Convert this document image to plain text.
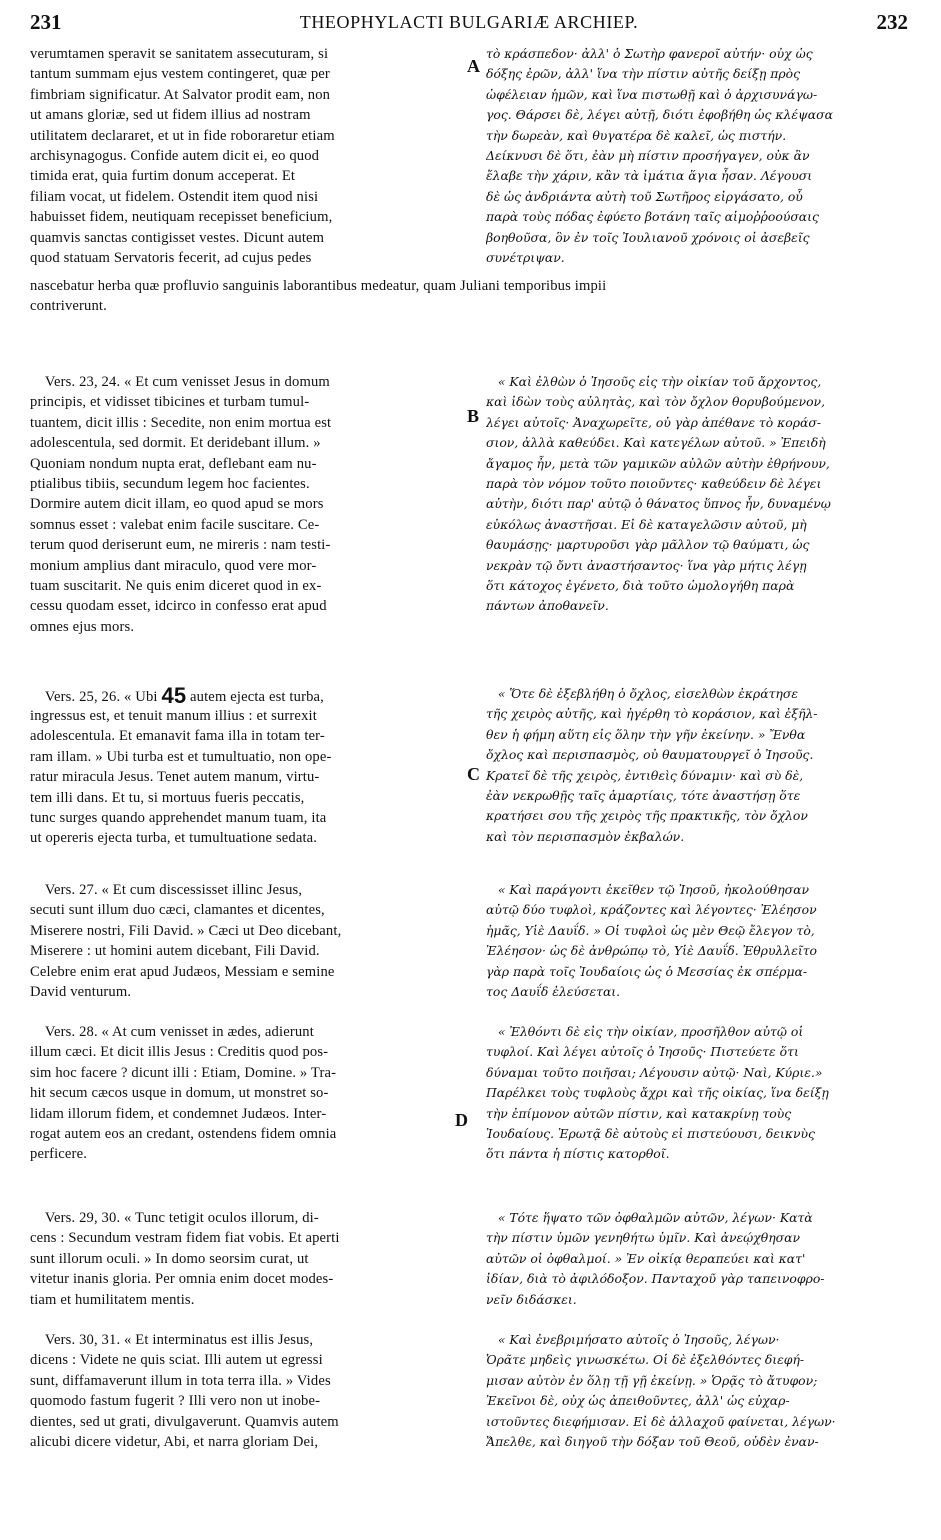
231	THEOPHYLACTI BULGARIÆ ARCHIEP.	232
verumtamen speravit se sanitatem assecuturam, si
tantum summam ejus vestem contingeret, quæ per
fimbriam significatur. At Salvator prodit eam, non
ut amans gloriæ, sed ut fidem illius ad nostram
utilitatem declararet, et ut in fide roboraretur etiam
archisynagogus. Confide autem dicit ei, eo quod
timida erat, quia furtim donum acceperat. Et
filiam vocat, ut fidelem. Ostendit item quod nisi
habuisset fidem, neutiquam recepisset beneficium,
quamvis sanctas contigisset vestes. Dicunt autem
quod statuam Servatoris fecerit, ad cujus pedes
A
τὸ κράσπεδον· ἀλλ' ὁ Σωτὴρ φανεροῖ αὐτήν· οὐχ ὡς
δόξης ἐρῶν, ἀλλ' ἵνα τὴν πίστιν αὐτῆς δείξῃ πρὸς
ὠφέλειαν ἡμῶν, καὶ ἵνα πιστωθῇ καὶ ὁ ἀρχισυνάγω-
γος. Θάρσει δὲ, λέγει αὐτῇ, διότι ἐφοβήθη ὡς κλέψασα
τὴν δωρεὰν, καὶ θυγατέρα δὲ καλεῖ, ὡς πιστήν.
Δείκνυσι δὲ ὅτι, ἐὰν μὴ πίστιν προσήγαγεν, οὐκ ἂν
ἔλαβε τὴν χάριν, κἂν τὰ ἱμάτια ἅγια ἦσαν. Λέγουσι
δὲ ὡς ἀνδριάντα αὐτὴ τοῦ Σωτῆρος εἰργάσατο, οὗ
παρὰ τοὺς πόδας ἐφύετο βοτάνη ταῖς αἱμοῤῥοούσαις
βοηθοῦσα, ὃν ἐν τοῖς Ἰουλιανοῦ χρόνοις οἱ ἀσεβεῖς
συνέτριψαν.
nascebatur herba quæ profluvio sanguinis laborantibus medeatur, quam Juliani temporibus impii
contriverunt.
Vers. 23, 24. « Et cum venisset Jesus in domum
principis, et vidisset tibicines et turbam tumul-
tuantem, dicit illis : Secedite, non enim mortua est
adolescentula, sed dormit. Et deridebant illum. »
Quoniam nondum nupta erat, deflebant eam nu-
ptialibus tibiis, secundum legem hoc facientes.
Dormire autem dicit illam, eo quod apud se mors
somnus esset : valebat enim facile suscitare. Ce-
terum quod deriserunt eum, ne mireris : nam testi-
monium amplius dant miraculo, quod vere mor-
tuam suscitarit. Ne quis enim diceret quod in ex-
cessu quodam esset, idcirco in confesso erat apud
omnes ejus mors.
B
« Καὶ ἐλθὼν ὁ Ἰησοῦς εἰς τὴν οἰκίαν τοῦ ἄρχοντος,
καὶ ἰδὼν τοὺς αὐλητὰς, καὶ τὸν ὄχλον θορυβούμενον,
λέγει αὐτοῖς· Ἀναχωρεῖτε, οὐ γὰρ ἀπέθανε τὸ κοράσ-
σιον, ἀλλὰ καθεύδει. Καὶ κατεγέλων αὐτοῦ. » Ἐπειδὴ
ἄγαμος ἦν, μετὰ τῶν γαμικῶν αὐλῶν αὐτὴν ἐθρήνουν,
παρὰ τὸν νόμον τοῦτο ποιοῦντες· καθεύδειν δὲ λέγει
αὐτὴν, διότι παρ' αὐτῷ ὁ θάνατος ὕπνος ἦν, δυναμένῳ
εὐκόλως ἀναστῆσαι. Εἰ δὲ καταγελῶσιν αὐτοῦ, μὴ
θαυμάσῃς· μαρτυροῦσι γὰρ μᾶλλον τῷ θαύματι, ὡς
νεκρὰν τῷ ὄντι ἀναστήσαντος· ἵνα γὰρ μήτις λέγῃ
ὅτι κάτοχος ἐγένετο, διὰ τοῦτο ὡμολογήθη παρὰ
πάντων ἀποθανεῖν.
Vers. 25, 26. « Ubi 45 autem ejecta est turba,
ingressus est, et tenuit manum illius : et surrexit
adolescentula. Et emanavit fama illa in totam ter-
ram illam. » Ubi turba est et tumultuatio, non ope-
ratur miracula Jesus. Tenet autem manum, virtu-
tem illi dans. Et tu, si mortuus fueris peccatis,
tunc surges quando apprehendet manum tuam, ita
ut opereris ejecta turba, et tumultuatione sedata.
C
« Ὅτε δὲ ἐξεβλήθη ὁ ὄχλος, εἰσελθὼν ἐκράτησε
τῆς χειρὸς αὐτῆς, καὶ ἠγέρθη τὸ κοράσιον, καὶ ἐξῆλ-
θεν ἡ φήμη αὕτη εἰς ὅλην τὴν γῆν ἐκείνην. » Ἔνθα
ὄχλος καὶ περισπασμὸς, οὐ θαυματουργεῖ ὁ Ἰησοῦς.
Κρατεῖ δὲ τῆς χειρὸς, ἐντιθεὶς δύναμιν· καὶ σὺ δὲ,
ἐὰν νεκρωθῇς ταῖς ἁμαρτίαις, τότε ἀναστήσῃ ὅτε
κρατήσει σου τῆς χειρὸς τῆς πρακτικῆς, τὸν ὄχλον
καὶ τὸν περισπασμὸν ἐκβαλών.
Vers. 27. « Et cum discessisset illinc Jesus,
secuti sunt illum duo cæci, clamantes et dicentes,
Miserere nostri, Fili David. » Cæci ut Deo dicebant,
Miserere : ut homini autem dicebant, Fili David.
Celebre enim erat apud Judæos, Messiam e semine
David venturum.
« Καὶ παράγοντι ἐκεῖθεν τῷ Ἰησοῦ, ἠκολούθησαν
αὐτῷ δύο τυφλοὶ, κράζοντες καὶ λέγοντες· Ἐλέησον
ἡμᾶς, Υἱὲ Δαυΐδ. » Οἱ τυφλοὶ ὡς μὲν Θεῷ ἔλεγον τὸ,
Ἐλέησον· ὡς δὲ ἀνθρώπῳ τὸ, Υἱὲ Δαυΐδ. Ἐθρυλλεῖτο
γὰρ παρὰ τοῖς Ἰουδαίοις ὡς ὁ Μεσσίας ἐκ σπέρμα-
τος Δαυΐδ ἐλεύσεται.
Vers. 28. « At cum venisset in ædes, adierunt
illum cæci. Et dicit illis Jesus : Creditis quod pos-
sim hoc facere ? dicunt illi : Etiam, Domine. » Tra-
hit secum cæcos usque in domum, ut monstret so-
lidam illorum fidem, et condemnet Judæos. Inter-
rogat autem eos an credant, ostendens fidem omnia
perficere.
D
« Ἐλθόντι δὲ εἰς τὴν οἰκίαν, προσῆλθον αὐτῷ οἱ
τυφλοί. Καὶ λέγει αὐτοῖς ὁ Ἰησοῦς· Πιστεύετε ὅτι
δύναμαι τοῦτο ποιῆσαι; Λέγουσιν αὐτῷ· Ναὶ, Κύριε.»
Παρέλκει τοὺς τυφλοὺς ἄχρι καὶ τῆς οἰκίας, ἵνα δείξῃ
τὴν ἐπίμονον αὐτῶν πίστιν, καὶ κατακρίνῃ τοὺς
Ἰουδαίους. Ἐρωτᾷ δὲ αὐτοὺς εἰ πιστεύουσι, δεικνὺς
ὅτι πάντα ἡ πίστις κατορθοῖ.
Vers. 29, 30. « Tunc tetigit oculos illorum, di-
cens : Secundum vestram fidem fiat vobis. Et aperti
sunt illorum oculi. » In domo seorsim curat, ut
vitetur inanis gloria. Per omnia enim docet modes-
tiam et humilitatem mentis.
« Τότε ἥψατο τῶν ὀφθαλμῶν αὐτῶν, λέγων· Κατὰ
τὴν πίστιν ὑμῶν γενηθήτω ὑμῖν. Καὶ ἀνεῴχθησαν
αὐτῶν οἱ ὀφθαλμοί. » Ἐν οἰκίᾳ θεραπεύει καὶ κατ'
ἰδίαν, διὰ τὸ ἀφιλόδοξον. Πανταχοῦ γὰρ ταπεινοφρο-
νεῖν διδάσκει.
Vers. 30, 31. « Et interminatus est illis Jesus,
dicens : Videte ne quis sciat. Illi autem ut egressi
sunt, diffamaverunt illum in tota terra illa. » Vides
quomodo fastum fugerit ? Illi vero non ut inobe-
dientes, sed ut grati, divulgaverunt. Quamvis autem
alicubi dicere videtur, Abi, et narra gloriam Dei,
« Καὶ ἐνεβριμήσατο αὐτοῖς ὁ Ἰησοῦς, λέγων·
Ὁρᾶτε μηδεὶς γινωσκέτω. Οἱ δὲ ἐξελθόντες διεφή-
μισαν αὐτὸν ἐν ὅλῃ τῇ γῇ ἐκείνῃ. » Ὁρᾷς τὸ ἄτυφον;
Ἐκεῖνοι δὲ, οὐχ ὡς ἀπειθοῦντες, ἀλλ' ὡς εὐχαρ-
ιστοῦντες διεφήμισαν. Εἰ δὲ ἀλλαχοῦ φαίνεται, λέγων·
Ἄπελθε, καὶ διηγοῦ τὴν δόξαν τοῦ Θεοῦ, οὐδὲν ἐναν-
